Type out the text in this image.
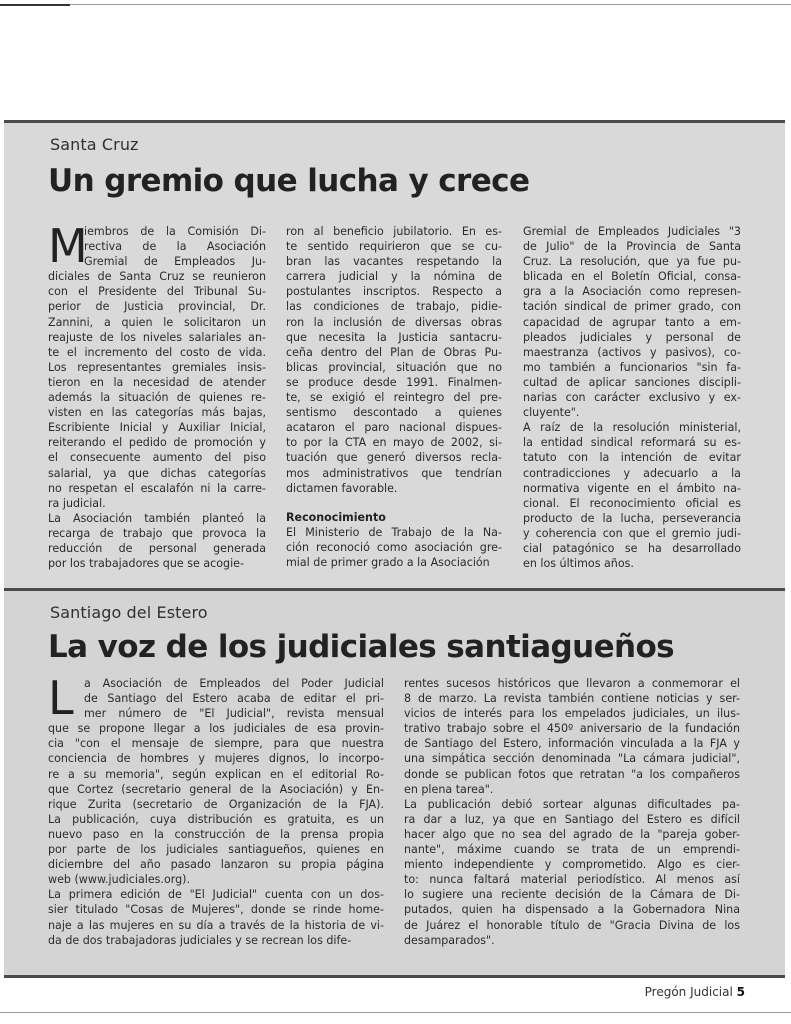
Santa Cruz
Un gremio que lucha y crece
M
iembros de la Comisión Di-
rectiva de la Asociación
Gremial de Empleados Ju-
diciales de Santa Cruz se reunieron
con el Presidente del Tribunal Su-
perior de Justicia provincial, Dr.
Zannini, a quien le solicitaron un
reajuste de los niveles salariales an-
te el incremento del costo de vida.
Los representantes gremiales insis-
tieron en la necesidad de atender
además la situación de quienes re-
visten en las categorías más bajas,
Escribiente Inicial y Auxiliar Inicial,
reiterando el pedido de promoción y
el consecuente aumento del piso
salarial, ya que dichas categorías
no respetan el escalafón ni la carre-
ra judicial.
La Asociación también planteó la
recarga de trabajo que provoca la
reducción de personal generada
por los trabajadores que se acogie-
ron al beneficio jubilatorio. En es-
te sentido requirieron que se cu-
bran las vacantes respetando la
carrera judicial y la nómina de
postulantes inscriptos. Respecto a
las condiciones de trabajo, pidie-
ron la inclusión de diversas obras
que necesita la Justicia santacru-
ceña dentro del Plan de Obras Pu-
blicas provincial, situación que no
se produce desde 1991. Finalmen-
te, se exigió el reintegro del pre-
sentismo descontado a quienes
acataron el paro nacional dispues-
to por la CTA en mayo de 2002, si-
tuación que generó diversos recla-
mos administrativos que tendrían
dictamen favorable.
Reconocimiento
El Ministerio de Trabajo de la Na-
ción reconoció como asociación gre-
mial de primer grado a la Asociación
Gremial de Empleados Judiciales "3
de Julio" de la Provincia de Santa
Cruz. La resolución, que ya fue pu-
blicada en el Boletín Oficial, consa-
gra a la Asociación como represen-
tación sindical de primer grado, con
capacidad de agrupar tanto a em-
pleados judiciales y personal de
maestranza (activos y pasivos), co-
mo también a funcionarios "sin fa-
cultad de aplicar sanciones discipli-
narias con carácter exclusivo y ex-
cluyente".
A raíz de la resolución ministerial,
la entidad sindical reformará su es-
tatuto con la intención de evitar
contradicciones y adecuarlo a la
normativa vigente en el ámbito na-
cional. El reconocimiento oficial es
producto de la lucha, perseverancia
y coherencia con que el gremio judi-
cial patagónico se ha desarrollado
en los últimos años.
Santiago del Estero
La voz de los judiciales santiagueños
L a Asociación de Empleados del Poder Judicial
de Santiago del Estero acaba de editar el pri-
mer número de "El Judicial", revista mensual
que se propone llegar a los judiciales de esa provin-
cia "con el mensaje de siempre, para que nuestra
conciencia de hombres y mujeres dignos, lo incorpo-
re a su memoria", según explican en el editorial Ro-
que Cortez (secretario general de la Asociación) y En-
rique Zurita (secretario de Organización de la FJA).
La publicación, cuya distribución es gratuita, es un
nuevo paso en la construcción de la prensa propia
por parte de los judiciales santiagueños, quienes en
diciembre del año pasado lanzaron su propia página
web (www.judiciales.org).
La primera edición de "El Judicial" cuenta con un dos-
sier titulado "Cosas de Mujeres", donde se rinde home-
naje a las mujeres en su día a través de la historia de vi-
da de dos trabajadoras judiciales y se recrean los dife-
rentes sucesos históricos que llevaron a conmemorar el
8 de marzo. La revista también contiene noticias y ser-
vicios de interés para los empelados judiciales, un ilus-
trativo trabajo sobre el 450º aniversario de la fundación
de Santiago del Estero, información vinculada a la FJA y
una simpática sección denominada "La cámara judicial",
donde se publican fotos que retratan "a los compañeros
en plena tarea".
La publicación debió sortear algunas dificultades pa-
ra dar a luz, ya que en Santiago del Estero es difícil
hacer algo que no sea del agrado de la "pareja gober-
nante", máxime cuando se trata de un emprendi-
miento independiente y comprometido. Algo es cier-
to: nunca faltará material periodístico. Al menos así
lo sugiere una reciente decisión de la Cámara de Di-
putados, quien ha dispensado a la Gobernadora Nina
de Juárez el honorable título de "Gracia Divina de los
desamparados".
Pregón Judicial 5
